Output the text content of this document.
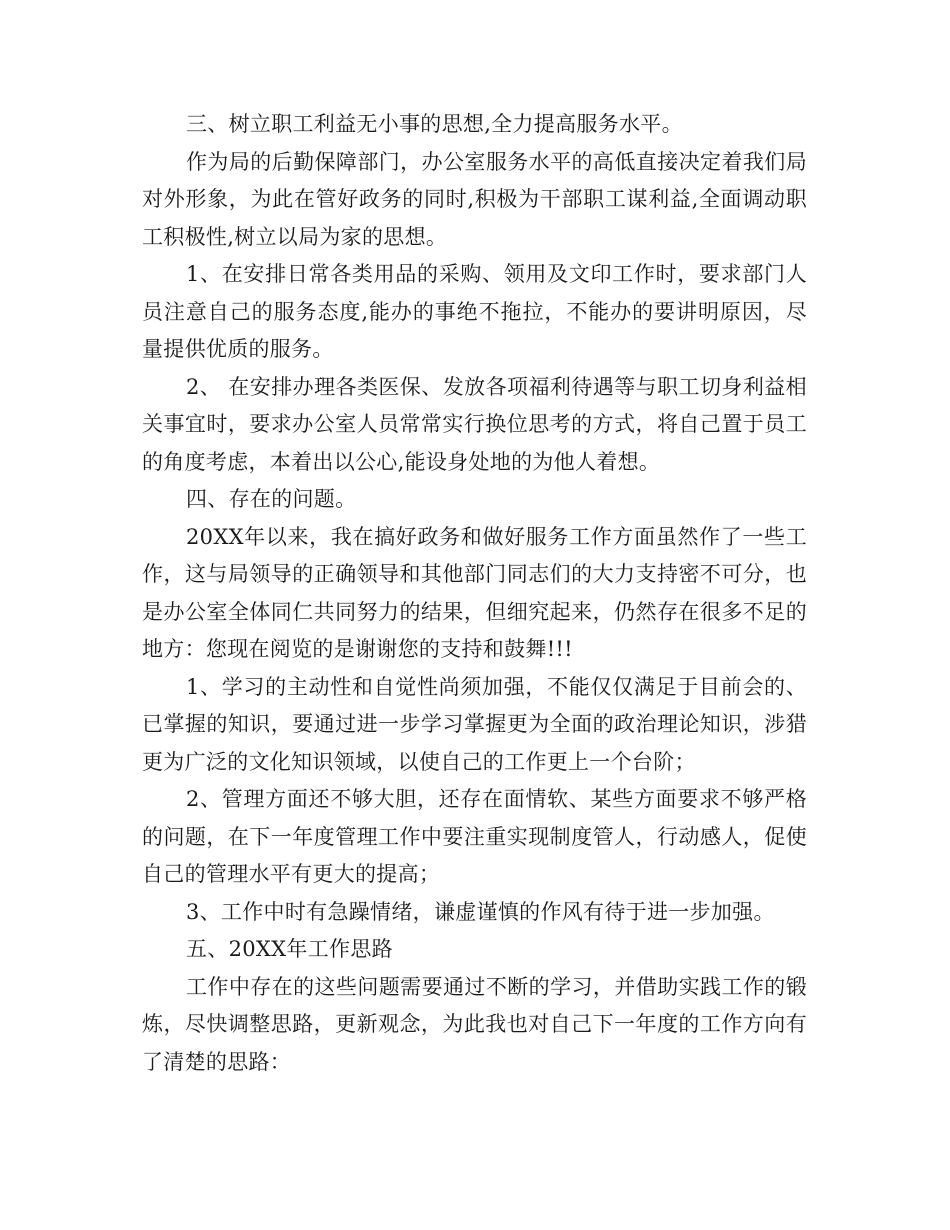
三、树立职工利益无小事的思想,全力提高服务水平。

作为局的后勤保障部门，办公室服务水平的高低直接决定着我们局对外形象，为此在管好政务的同时,积极为干部职工谋利益,全面调动职工积极性,树立以局为家的思想。

1、在安排日常各类用品的采购、领用及文印工作时，要求部门人员注意自己的服务态度,能办的事绝不拖拉，不能办的要讲明原因，尽量提供优质的服务。

2、 在安排办理各类医保、发放各项福利待遇等与职工切身利益相关事宜时，要求办公室人员常常实行换位思考的方式，将自己置于员工的角度考虑，本着出以公心,能设身处地的为他人着想。

四、存在的问题。

20XX年以来，我在搞好政务和做好服务工作方面虽然作了一些工作，这与局领导的正确领导和其他部门同志们的大力支持密不可分，也是办公室全体同仁共同努力的结果，但细究起来，仍然存在很多不足的地方：您现在阅览的是谢谢您的支持和鼓舞!!!

1、学习的主动性和自觉性尚须加强，不能仅仅满足于目前会的、已掌握的知识，要通过进一步学习掌握更为全面的政治理论知识，涉猎更为广泛的文化知识领域，以使自己的工作更上一个台阶；

2、管理方面还不够大胆，还存在面情软、某些方面要求不够严格的问题，在下一年度管理工作中要注重实现制度管人，行动感人，促使自己的管理水平有更大的提高；

3、工作中时有急躁情绪，谦虚谨慎的作风有待于进一步加强。

五、20XX年工作思路

工作中存在的这些问题需要通过不断的学习，并借助实践工作的锻炼，尽快调整思路，更新观念，为此我也对自己下一年度的工作方向有了清楚的思路：
